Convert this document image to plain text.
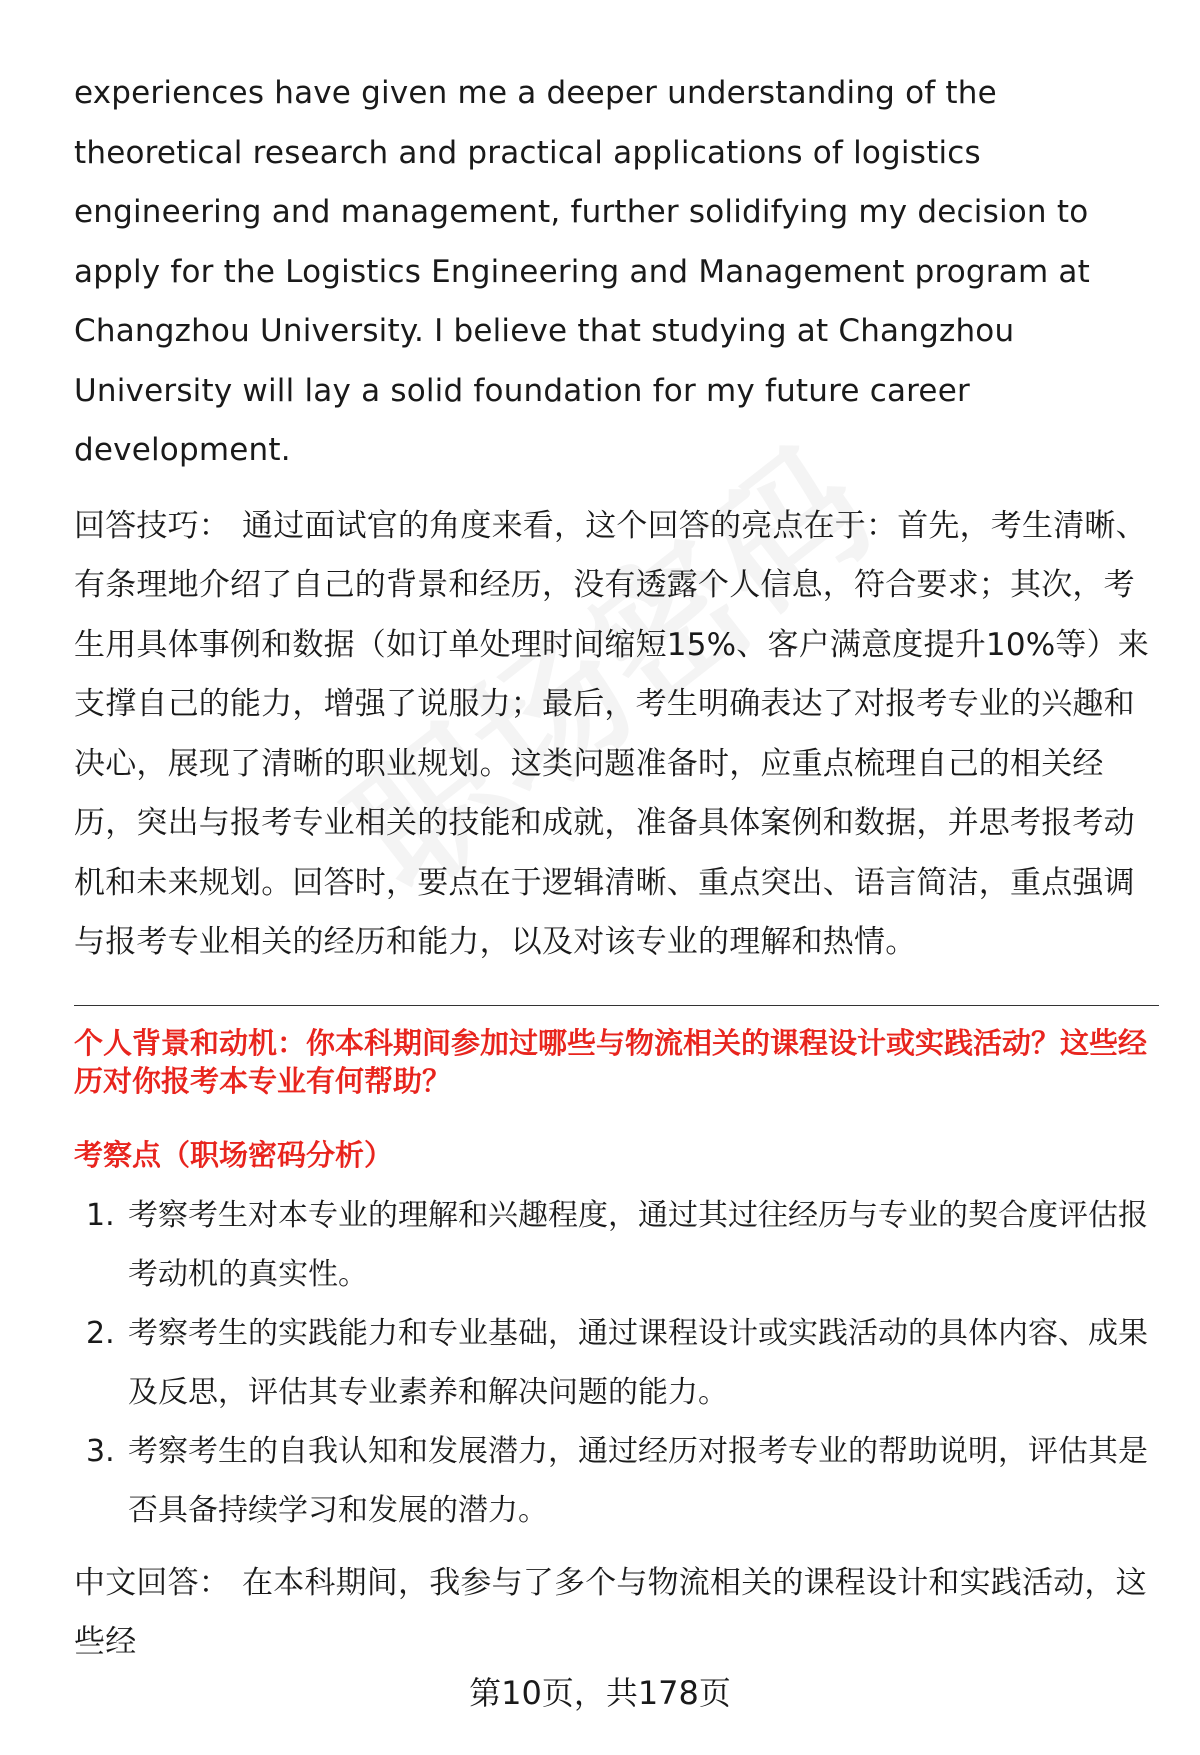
experiences have given me a deeper understanding of the theoretical research and practical applications of logistics engineering and management, further solidifying my decision to apply for the Logistics Engineering and Management program at Changzhou University. I believe that studying at Changzhou University will lay a solid foundation for my future career development.

回答技巧： 通过面试官的角度来看，这个回答的亮点在于：首先，考生清晰、有条理地介绍了自己的背景和经历，没有透露个人信息，符合要求；其次，考生用具体事例和数据（如订单处理时间缩短15%、客户满意度提升10%等）来支撑自己的能力，增强了说服力；最后，考生明确表达了对报考专业的兴趣和决心，展现了清晰的职业规划。这类问题准备时，应重点梳理自己的相关经历，突出与报考专业相关的技能和成就，准备具体案例和数据，并思考报考动机和未来规划。回答时，要点在于逻辑清晰、重点突出、语言简洁，重点强调与报考专业相关的经历和能力，以及对该专业的理解和热情。

个人背景和动机：你本科期间参加过哪些与物流相关的课程设计或实践活动？这些经历对你报考本专业有何帮助？

考察点（职场密码分析）

1. 考察考生对本专业的理解和兴趣程度，通过其过往经历与专业的契合度评估报考动机的真实性。
2. 考察考生的实践能力和专业基础，通过课程设计或实践活动的具体内容、成果及反思，评估其专业素养和解决问题的能力。
3. 考察考生的自我认知和发展潜力，通过经历对报考专业的帮助说明，评估其是否具备持续学习和发展的潜力。

中文回答： 在本科期间，我参与了多个与物流相关的课程设计和实践活动，这些经

第10页，共178页
